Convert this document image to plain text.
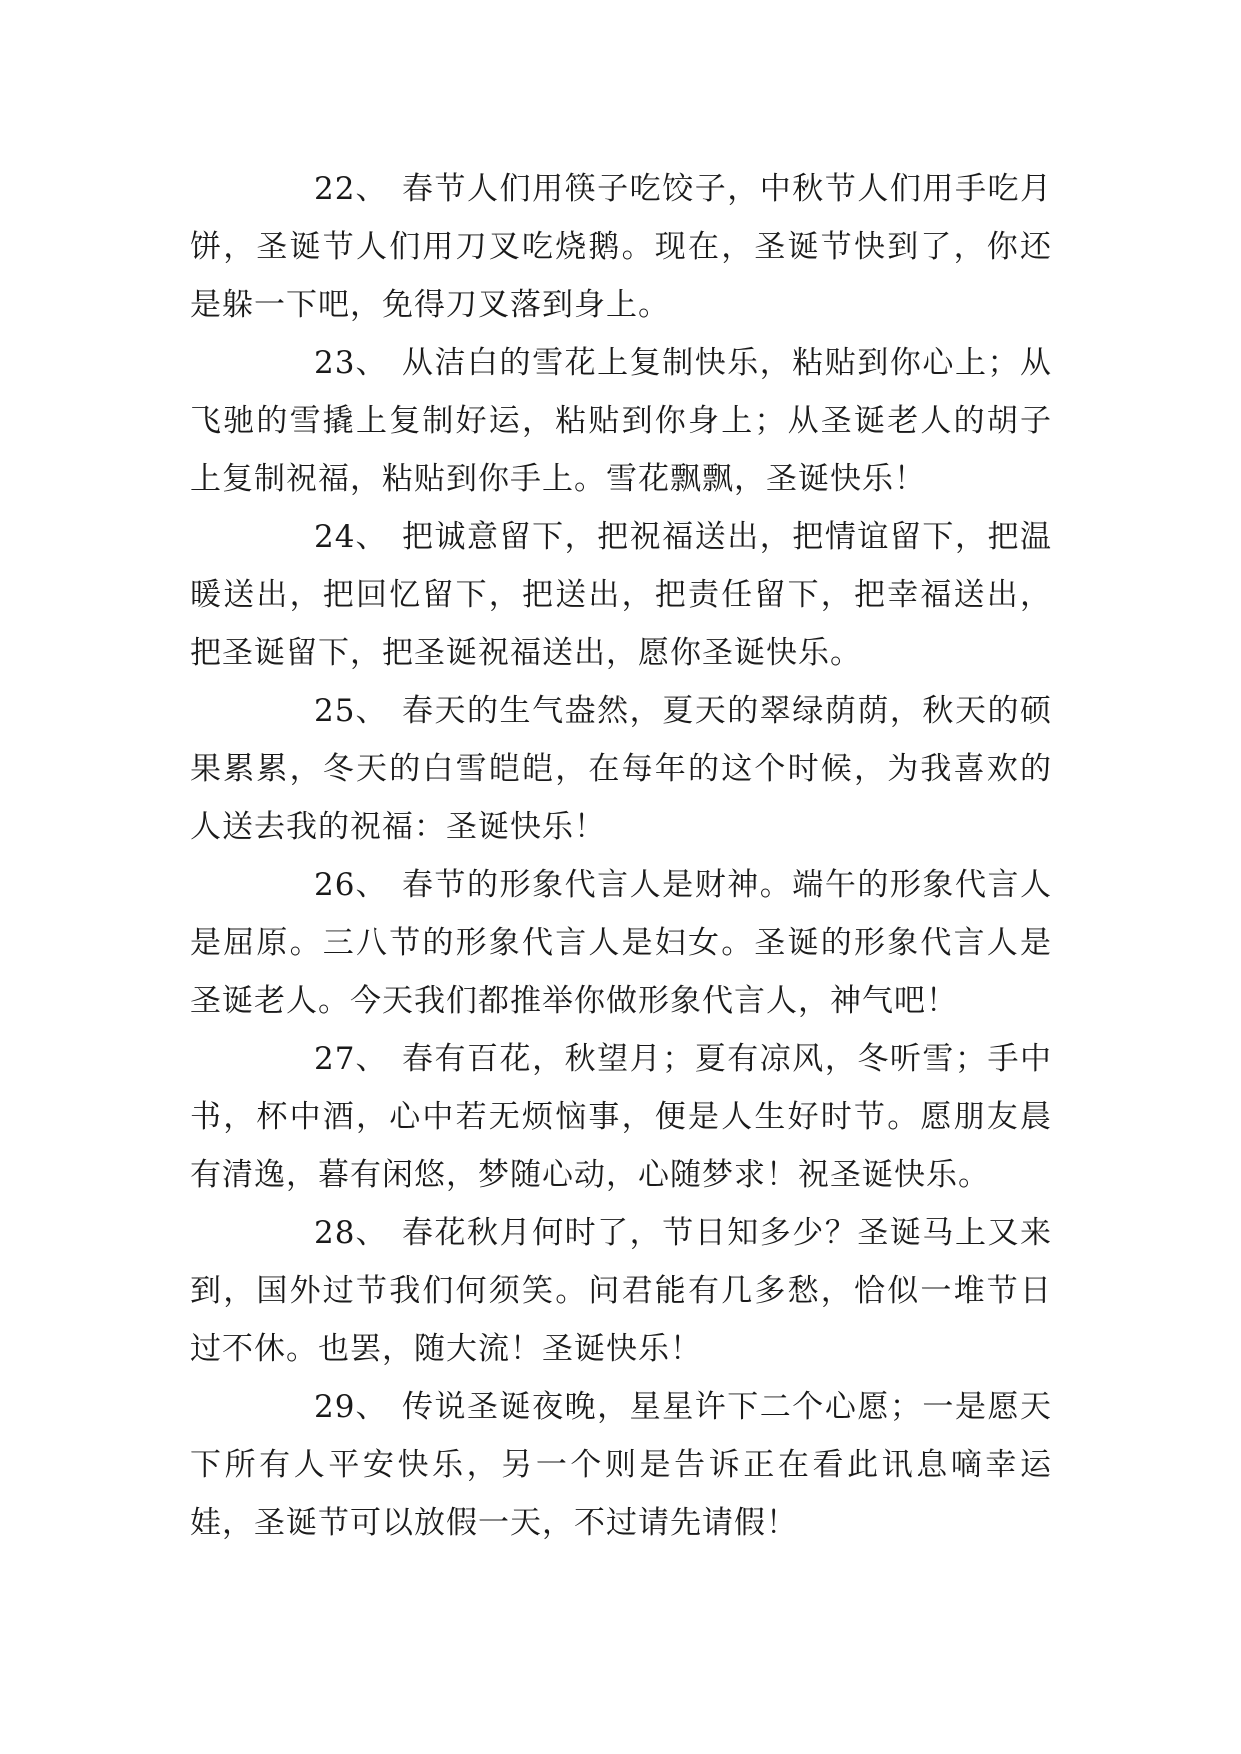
22、 春节人们用筷子吃饺子，中秋节人们用手吃月饼，圣诞节人们用刀叉吃烧鹅。现在，圣诞节快到了，你还是躲一下吧，免得刀叉落到身上。

23、 从洁白的雪花上复制快乐，粘贴到你心上；从飞驰的雪撬上复制好运，粘贴到你身上；从圣诞老人的胡子上复制祝福，粘贴到你手上。雪花飘飘，圣诞快乐！

24、 把诚意留下，把祝福送出，把情谊留下，把温暖送出，把回忆留下，把送出，把责任留下，把幸福送出，把圣诞留下，把圣诞祝福送出，愿你圣诞快乐。

25、 春天的生气盎然，夏天的翠绿荫荫，秋天的硕果累累，冬天的白雪皑皑，在每年的这个时候，为我喜欢的人送去我的祝福：圣诞快乐！

26、 春节的形象代言人是财神。端午的形象代言人是屈原。三八节的形象代言人是妇女。圣诞的形象代言人是圣诞老人。今天我们都推举你做形象代言人，神气吧！

27、 春有百花，秋望月；夏有凉风，冬听雪；手中书，杯中酒，心中若无烦恼事，便是人生好时节。愿朋友晨有清逸，暮有闲悠，梦随心动，心随梦求！祝圣诞快乐。

28、 春花秋月何时了，节日知多少？圣诞马上又来到，国外过节我们何须笑。问君能有几多愁，恰似一堆节日过不休。也罢，随大流！圣诞快乐！

29、 传说圣诞夜晚，星星许下二个心愿；一是愿天下所有人平安快乐，另一个则是告诉正在看此讯息嘀幸运娃，圣诞节可以放假一天，不过请先请假！
